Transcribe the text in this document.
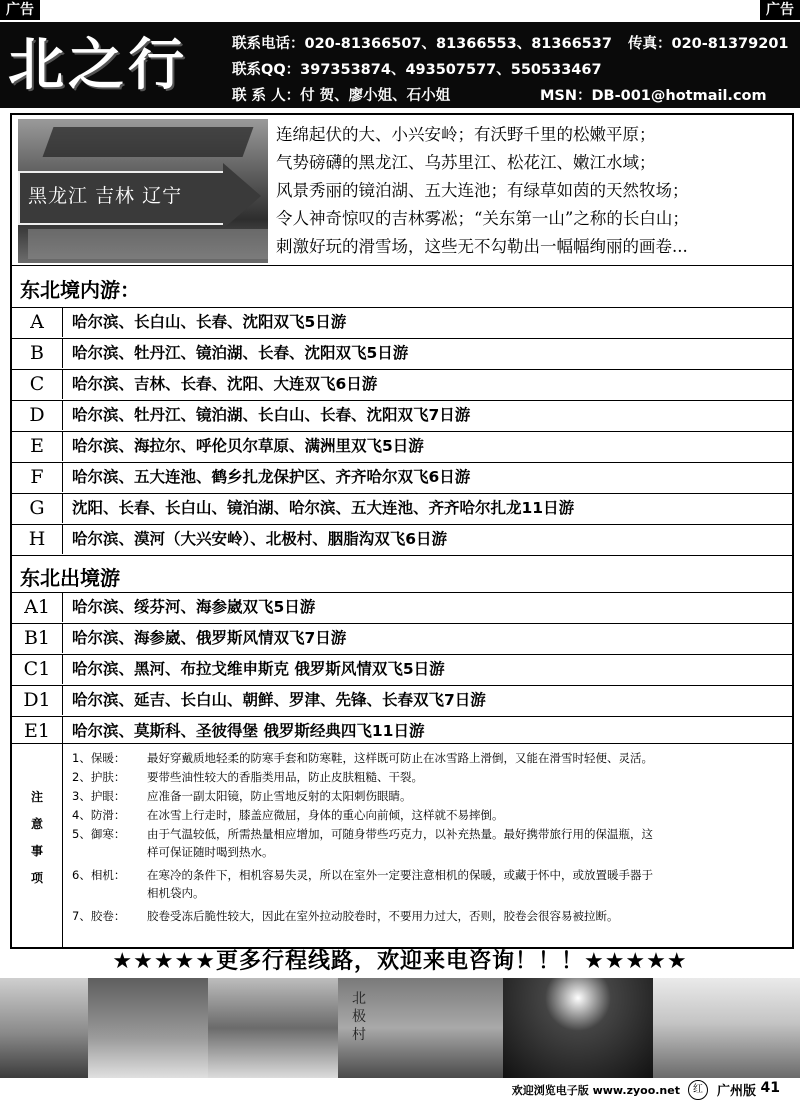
广告	广告
北之行	联系电话：020-81366507、81366553、81366537 传真：020-81379201
联系QQ：397353874、493507577、550533467
联 系 人：付 贺、廖小姐、石小姐	MSN：DB-001@hotmail.com
黑龙江 吉林 辽宁
连绵起伏的大、小兴安岭；有沃野千里的松嫩平原；
气势磅礴的黑龙江、乌苏里江、松花江、嫩江水域；
风景秀丽的镜泊湖、五大连池；有绿草如茵的天然牧场；
令人神奇惊叹的吉林雾凇；“关东第一山”之称的长白山；
刺激好玩的滑雪场，这些无不勾勒出一幅幅绚丽的画卷...
东北境内游：
A	哈尔滨、长白山、长春、沈阳双飞5日游
B	哈尔滨、牡丹江、镜泊湖、长春、沈阳双飞5日游
C	哈尔滨、吉林、长春、沈阳、大连双飞6日游
D	哈尔滨、牡丹江、镜泊湖、长白山、长春、沈阳双飞7日游
E	哈尔滨、海拉尔、呼伦贝尔草原、满洲里双飞5日游
F	哈尔滨、五大连池、鹤乡扎龙保护区、齐齐哈尔双飞6日游
G	沈阳、长春、长白山、镜泊湖、哈尔滨、五大连池、齐齐哈尔扎龙11日游
H	哈尔滨、漠河（大兴安岭）、北极村、胭脂沟双飞6日游
东北出境游
A1	哈尔滨、绥芬河、海参崴双飞5日游
B1	哈尔滨、海参崴、俄罗斯风情双飞7日游
C1	哈尔滨、黑河、布拉戈维申斯克 俄罗斯风情双飞5日游
D1	哈尔滨、延吉、长白山、朝鲜、罗津、先锋、长春双飞7日游
E1	哈尔滨、莫斯科、圣彼得堡 俄罗斯经典四飞11日游
注
意
事
项
1、保暖： 最好穿戴质地轻柔的防寒手套和防寒鞋，这样既可防止在冰雪路上滑倒，又能在滑雪时轻便、灵活。
2、护肤： 要带些油性较大的香脂类用品，防止皮肤粗糙、干裂。
3、护眼： 应准备一副太阳镜，防止雪地反射的太阳刺伤眼睛。
4、防滑： 在冰雪上行走时，膝盖应微屈，身体的重心向前倾，这样就不易摔倒。
5、御寒： 由于气温较低，所需热量相应增加，可随身带些巧克力，以补充热量。最好携带旅行用的保温瓶，这
样可保证随时喝到热水。
6、相机： 在寒冷的条件下，相机容易失灵，所以在室外一定要注意相机的保暖，或藏于怀中，或放置暖手器于
相机袋内。
7、胶卷： 胶卷受冻后脆性较大，因此在室外拉动胶卷时，不要用力过大，否则，胶卷会很容易被拉断。
★★★★★更多行程线路，欢迎来电咨询！！！★★★★★
北极村
欢迎浏览电子版 www.zyoo.net	红	广州版 41
